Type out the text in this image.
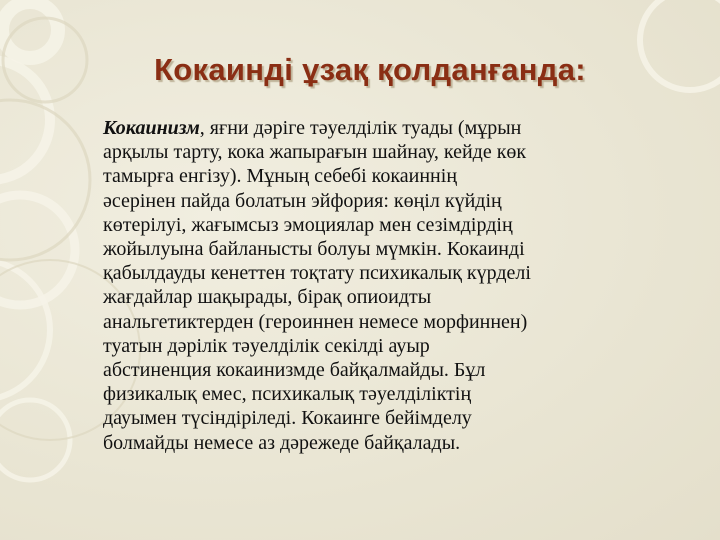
Кокаинді ұзақ қолданғанда:
Кокаинизм, яғни дәріге тәуелділік туады (мұрын
арқылы тарту, кока жапырағын шайнау, кейде көк
тамырға енгізу). Мұның себебі кокаиннің
әсерінен пайда болатын эйфория: көңіл күйдің
көтерілуі, жағымсыз эмоциялар мен сезімдірдің
жойылуына байланысты болуы мүмкін. Кокаинді
қабылдауды кенеттен тоқтату психикалық күрделі
жағдайлар шақырады, бірақ опиоидты
анальгетиктерден (героиннен немесе морфиннен)
туатын дәрілік тәуелділік секілді ауыр
абстиненция кокаинизмде байқалмайды. Бұл
физикалық емес, психикалық тәуелділіктің
дауымен түсіндіріледі. Кокаинге бейімделу
болмайды немесе аз дәрежеде байқалады.
